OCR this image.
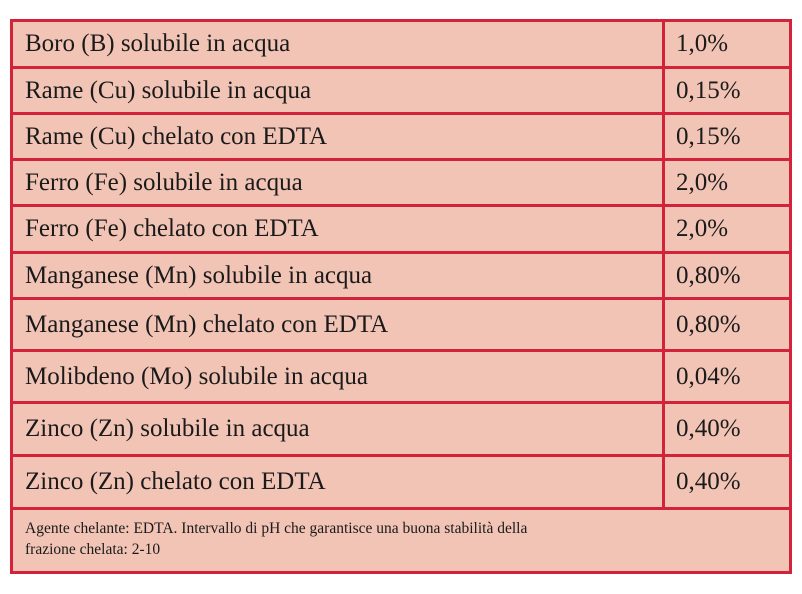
Boro (B) solubile in acqua	1,0%
Rame (Cu) solubile in acqua	0,15%
Rame (Cu) chelato con EDTA	0,15%
Ferro (Fe) solubile in acqua	2,0%
Ferro (Fe) chelato con EDTA	2,0%
Manganese (Mn) solubile in acqua	0,80%
Manganese (Mn) chelato con EDTA	0,80%
Molibdeno (Mo) solubile in acqua	0,04%
Zinco (Zn) solubile in acqua	0,40%
Zinco (Zn) chelato con EDTA	0,40%
Agente chelante: EDTA. Intervallo di pH che garantisce una buona stabilità della
frazione chelata: 2-10
